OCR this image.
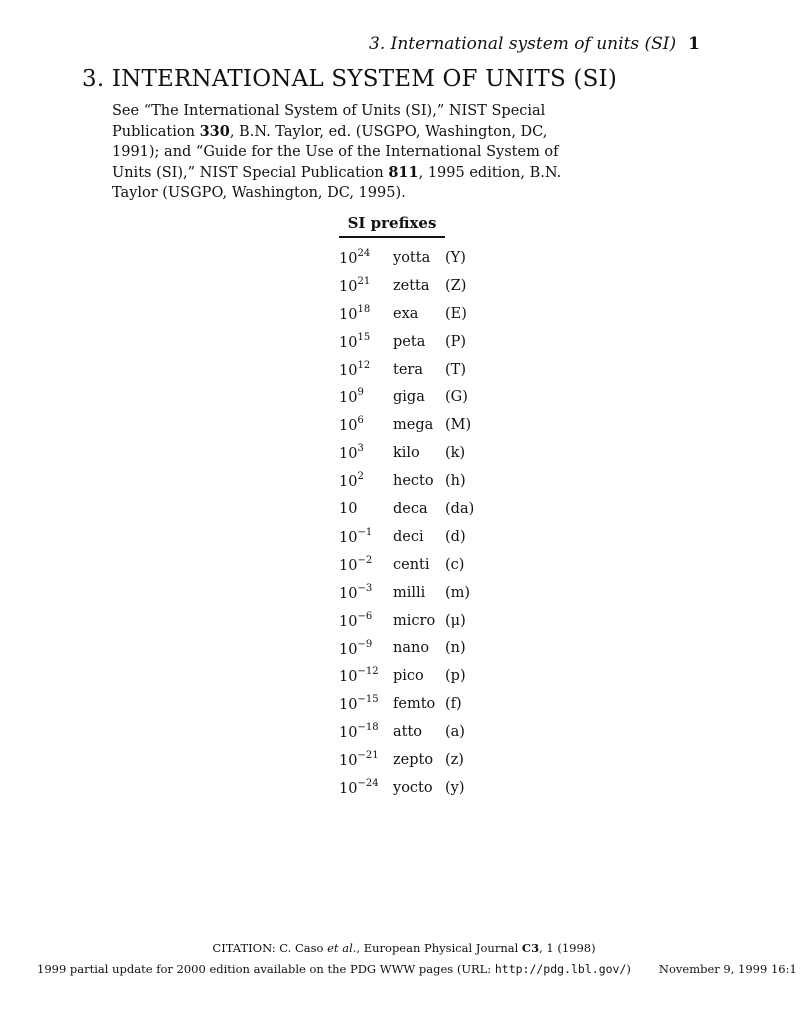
3. International system of units (SI) 1
3. INTERNATIONAL SYSTEM OF UNITS (SI)

See “The International System of Units (SI),” NIST Special Publication 330, B.N. Taylor, ed. (USGPO, Washington, DC, 1991); and “Guide for the Use of the International System of Units (SI),” NIST Special Publication 811, 1995 edition, B.N. Taylor (USGPO, Washington, DC, 1995).

SI prefixes
$10^{24}$	yotta	(Y)
$10^{21}$	zetta	(Z)
$10^{18}$	exa	(E)
$10^{15}$	peta	(P)
$10^{12}$	tera	(T)
$10^9$	giga	(G)
$10^6$	mega	(M)
$10^3$	kilo	(k)
$10^2$	hecto	(h)
10	deca	(da)
$10^{-1}$	deci	(d)
$10^{-2}$	centi	(c)
$10^{-3}$	milli	(m)
$10^{-6}$	micro	(μ)
$10^{-9}$	nano	(n)
$10^{-12}$	pico	(p)
$10^{-15}$	femto	(f)
$10^{-18}$	atto	(a)
$10^{-21}$	zepto	(z)
$10^{-24}$	yocto	(y)
CITATION: C. Caso et al., European Physical Journal C3, 1 (1998)
1999 partial update for 2000 edition available on the PDG WWW pages (URL: http://pdg.lbl.gov/) November 9, 1999 16:1
